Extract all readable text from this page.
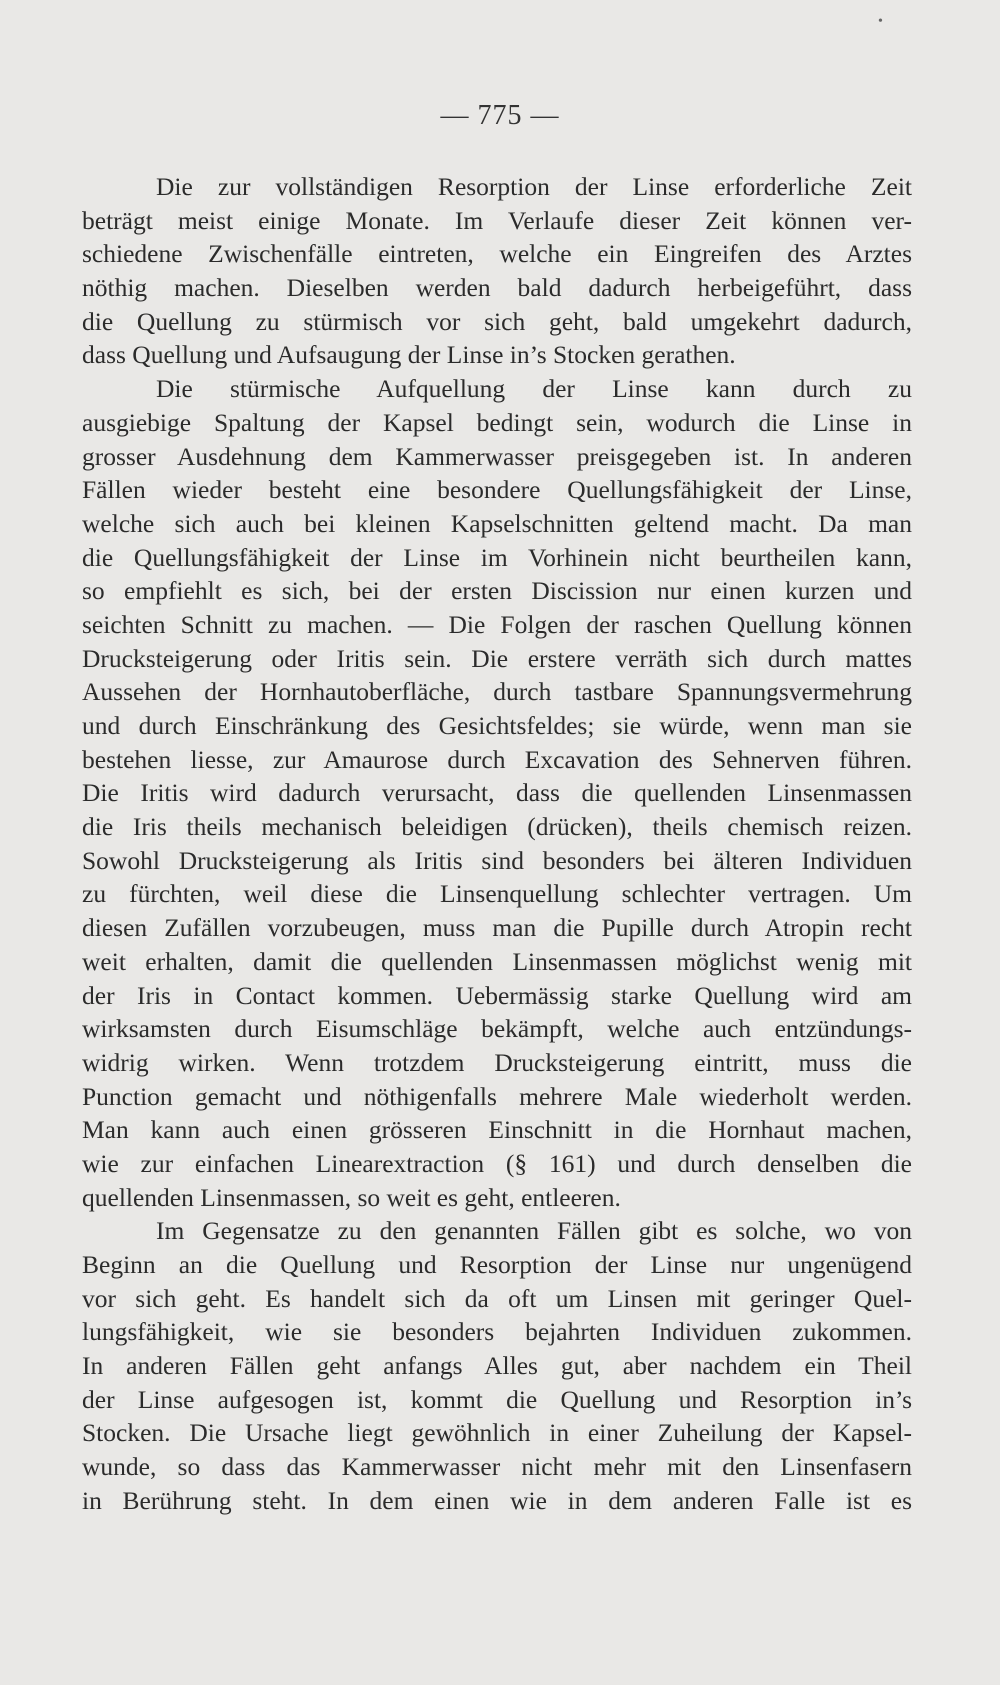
•
— 775 —
Die zur vollständigen Resorption der Linse erforderliche Zeit
beträgt meist einige Monate. Im Verlaufe dieser Zeit können ver-
schiedene Zwischenfälle eintreten, welche ein Eingreifen des Arztes
nöthig machen. Dieselben werden bald dadurch herbeigeführt, dass
die Quellung zu stürmisch vor sich geht, bald umgekehrt dadurch,
dass Quellung und Aufsaugung der Linse in’s Stocken gerathen.
Die stürmische Aufquellung der Linse kann durch zu
ausgiebige Spaltung der Kapsel bedingt sein, wodurch die Linse in
grosser Ausdehnung dem Kammerwasser preisgegeben ist. In anderen
Fällen wieder besteht eine besondere Quellungsfähigkeit der Linse,
welche sich auch bei kleinen Kapselschnitten geltend macht. Da man
die Quellungsfähigkeit der Linse im Vorhinein nicht beurtheilen kann,
so empfiehlt es sich, bei der ersten Discission nur einen kurzen und
seichten Schnitt zu machen. — Die Folgen der raschen Quellung können
Drucksteigerung oder Iritis sein. Die erstere verräth sich durch mattes
Aussehen der Hornhautoberfläche, durch tastbare Spannungsvermehrung
und durch Einschränkung des Gesichtsfeldes; sie würde, wenn man sie
bestehen liesse, zur Amaurose durch Excavation des Sehnerven führen.
Die Iritis wird dadurch verursacht, dass die quellenden Linsenmassen
die Iris theils mechanisch beleidigen (drücken), theils chemisch reizen.
Sowohl Drucksteigerung als Iritis sind besonders bei älteren Individuen
zu fürchten, weil diese die Linsenquellung schlechter vertragen. Um
diesen Zufällen vorzubeugen, muss man die Pupille durch Atropin recht
weit erhalten, damit die quellenden Linsenmassen möglichst wenig mit
der Iris in Contact kommen. Uebermässig starke Quellung wird am
wirksamsten durch Eisumschläge bekämpft, welche auch entzündungs-
widrig wirken. Wenn trotzdem Drucksteigerung eintritt, muss die
Punction gemacht und nöthigenfalls mehrere Male wiederholt werden.
Man kann auch einen grösseren Einschnitt in die Hornhaut machen,
wie zur einfachen Linearextraction (§ 161) und durch denselben die
quellenden Linsenmassen, so weit es geht, entleeren.
Im Gegensatze zu den genannten Fällen gibt es solche, wo von
Beginn an die Quellung und Resorption der Linse nur ungenügend
vor sich geht. Es handelt sich da oft um Linsen mit geringer Quel-
lungsfähigkeit, wie sie besonders bejahrten Individuen zukommen.
In anderen Fällen geht anfangs Alles gut, aber nachdem ein Theil
der Linse aufgesogen ist, kommt die Quellung und Resorption in’s
Stocken. Die Ursache liegt gewöhnlich in einer Zuheilung der Kapsel-
wunde, so dass das Kammerwasser nicht mehr mit den Linsenfasern
in Berührung steht. In dem einen wie in dem anderen Falle ist es
